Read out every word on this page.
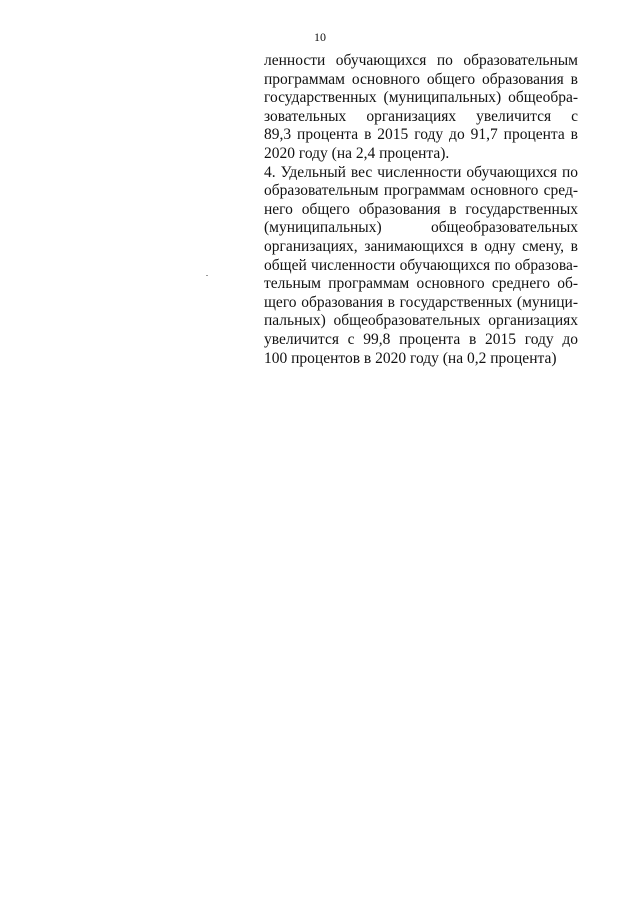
10
ленности обучающихся по образовательным
программам основного общего образования в
государственных (муниципальных) общеобра-
зовательных организациях увеличится с
89,3 процента в 2015 году до 91,7 процента в
2020 году (на 2,4 процента).
4. Удельный вес численности обучающихся по
образовательным программам основного сред-
него общего образования в государственных
(муниципальных) общеобразовательных
организациях, занимающихся в одну смену, в
общей численности обучающихся по образова-
тельным программам основного среднего об-
щего образования в государственных (муници-
пальных) общеобразовательных организациях
увеличится с 99,8 процента в 2015 году до
100 процентов в 2020 году (на 0,2 процента)
